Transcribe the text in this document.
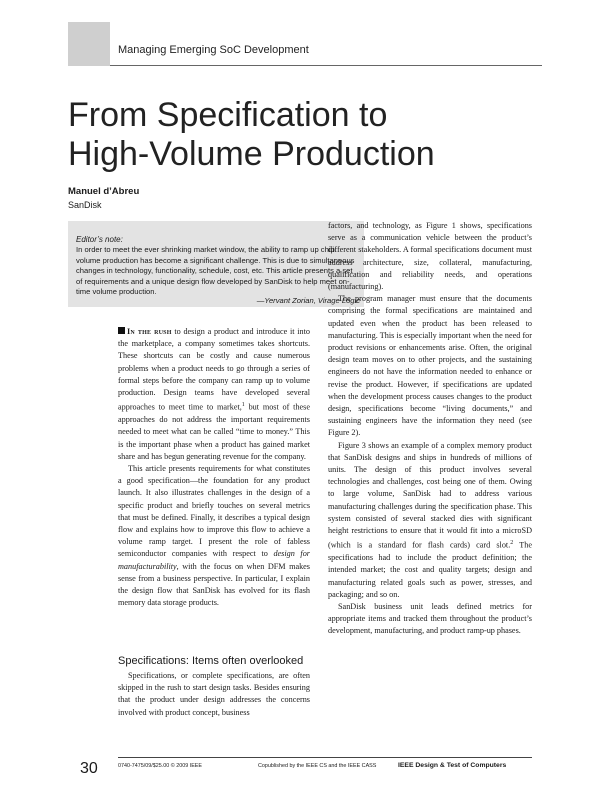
Managing Emerging SoC Development
From Specification to
High-Volume Production
Manuel d’Abreu
SanDisk
Editor’s note:
In order to meet the ever shrinking market window, the ability to ramp up chip volume production has become a significant challenge. This is due to simultaneous changes in technology, functionality, schedule, cost, etc. This article presents a set of requirements and a unique design flow developed by SanDisk to help meet on-time volume production.
—Yervant Zorian, Virage Logic

In the rush to design a product and introduce it into the marketplace, a company sometimes takes shortcuts. These shortcuts can be costly and cause numerous problems when a product needs to go through a series of formal steps before the company can ramp up to volume production. Design teams have developed several approaches to meet time to market,$^1$ but most of these approaches do not address the important requirements needed to meet what can be called “time to money.” This is the important phase when a product has gained market share and has begun generating revenue for the company.

This article presents requirements for what constitutes a good specification—the foundation for any product launch. It also illustrates challenges in the design of a specific product and briefly touches on several metrics that must be defined. Finally, it describes a typical design flow and explains how to improve this flow to achieve a volume ramp target. I present the role of fabless semiconductor companies with respect to design for manufacturability, with the focus on when DFM makes sense from a business perspective. In particular, I explain the design flow that SanDisk has evolved for its flash memory data storage products.

Specifications: Items often overlooked

Specifications, or complete specifications, are often skipped in the rush to start design tasks. Besides ensuring that the product under design addresses the concerns involved with product concept, business

factors, and technology, as Figure 1 shows, specifications serve as a communication vehicle between the product’s different stakeholders. A formal specifications document must address architecture, size, collateral, manufacturing, qualification and reliability needs, and operations (manufacturing).

The program manager must ensure that the documents comprising the formal specifications are maintained and updated even when the product has been released to manufacturing. This is especially important when the need for product revisions or enhancements arise. Often, the original design team moves on to other projects, and the sustaining engineers do not have the information needed to enhance or revise the product. However, if specifications are updated when the development process causes changes to the product design, specifications become “living documents,” and sustaining engineers have the information they need (see Figure 2).

Figure 3 shows an example of a complex memory product that SanDisk designs and ships in hundreds of millions of units. The design of this product involves several technologies and challenges, cost being one of them. Owing to large volume, SanDisk had to address various manufacturing challenges during the specification phase. This system consisted of several stacked dies with significant height restrictions to ensure that it would fit into a microSD (which is a standard for flash cards) card slot.$^2$ The specifications had to include the product definition; the intended market; the cost and quality targets; design and manufacturing related goals such as power, stresses, and packaging; and so on.

SanDisk business unit leads defined metrics for appropriate items and tracked them throughout the product’s development, manufacturing, and product ramp-up phases.

30	0740-7475/09/$25.00 © 2009 IEEE	Copublished by the IEEE CS and the IEEE CASS	IEEE Design & Test of Computers
